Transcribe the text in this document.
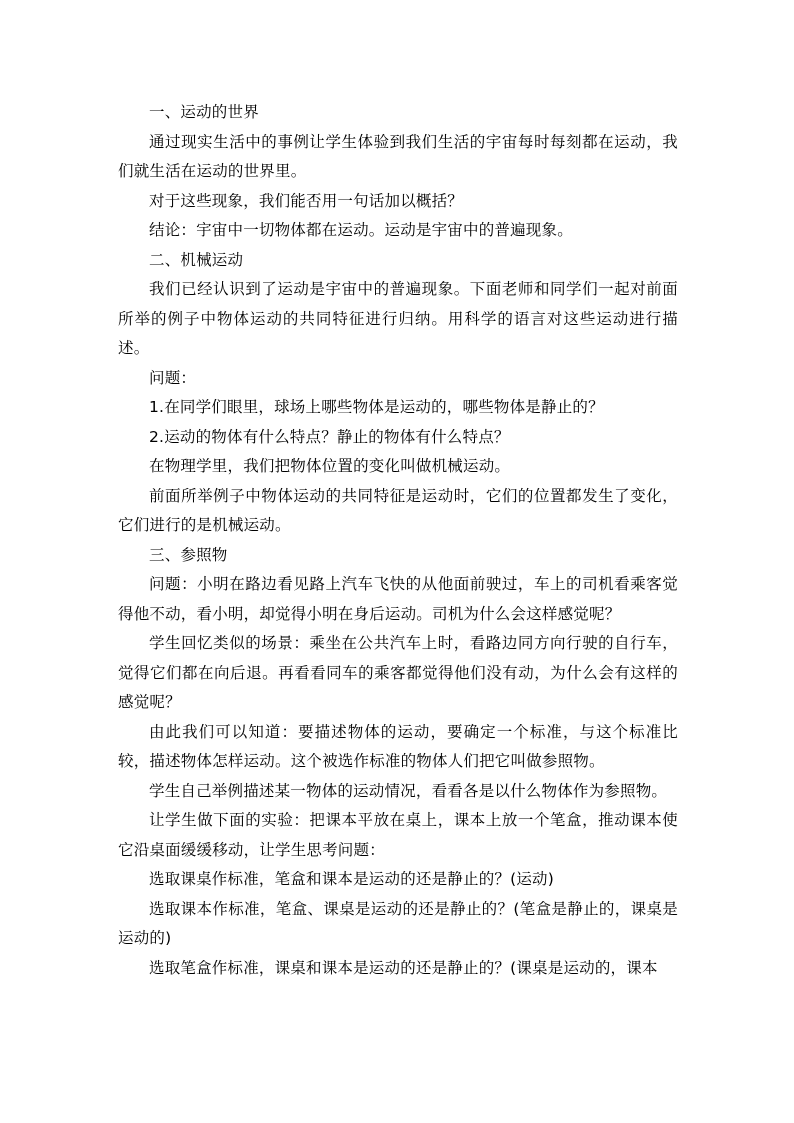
一、运动的世界

通过现实生活中的事例让学生体验到我们生活的宇宙每时每刻都在运动，我们就生活在运动的世界里。

对于这些现象，我们能否用一句话加以概括？

结论：宇宙中一切物体都在运动。运动是宇宙中的普遍现象。

二、机械运动

我们已经认识到了运动是宇宙中的普遍现象。下面老师和同学们一起对前面所举的例子中物体运动的共同特征进行归纳。用科学的语言对这些运动进行描述。

问题：

1.在同学们眼里，球场上哪些物体是运动的，哪些物体是静止的？

2.运动的物体有什么特点？静止的物体有什么特点？

在物理学里，我们把物体位置的变化叫做机械运动。

前面所举例子中物体运动的共同特征是运动时，它们的位置都发生了变化，它们进行的是机械运动。

三、参照物

问题：小明在路边看见路上汽车飞快的从他面前驶过，车上的司机看乘客觉得他不动，看小明，却觉得小明在身后运动。司机为什么会这样感觉呢？

学生回忆类似的场景：乘坐在公共汽车上时，看路边同方向行驶的自行车，觉得它们都在向后退。再看看同车的乘客都觉得他们没有动，为什么会有这样的感觉呢？

由此我们可以知道：要描述物体的运动，要确定一个标准，与这个标准比较，描述物体怎样运动。这个被选作标准的物体人们把它叫做参照物。

学生自己举例描述某一物体的运动情况，看看各是以什么物体作为参照物。

让学生做下面的实验：把课本平放在桌上，课本上放一个笔盒，推动课本使它沿桌面缓缓移动，让学生思考问题：

选取课桌作标准，笔盒和课本是运动的还是静止的？(运动)

选取课本作标准，笔盒、课桌是运动的还是静止的？(笔盒是静止的，课桌是运动的)

选取笔盒作标准，课桌和课本是运动的还是静止的？(课桌是运动的，课本
